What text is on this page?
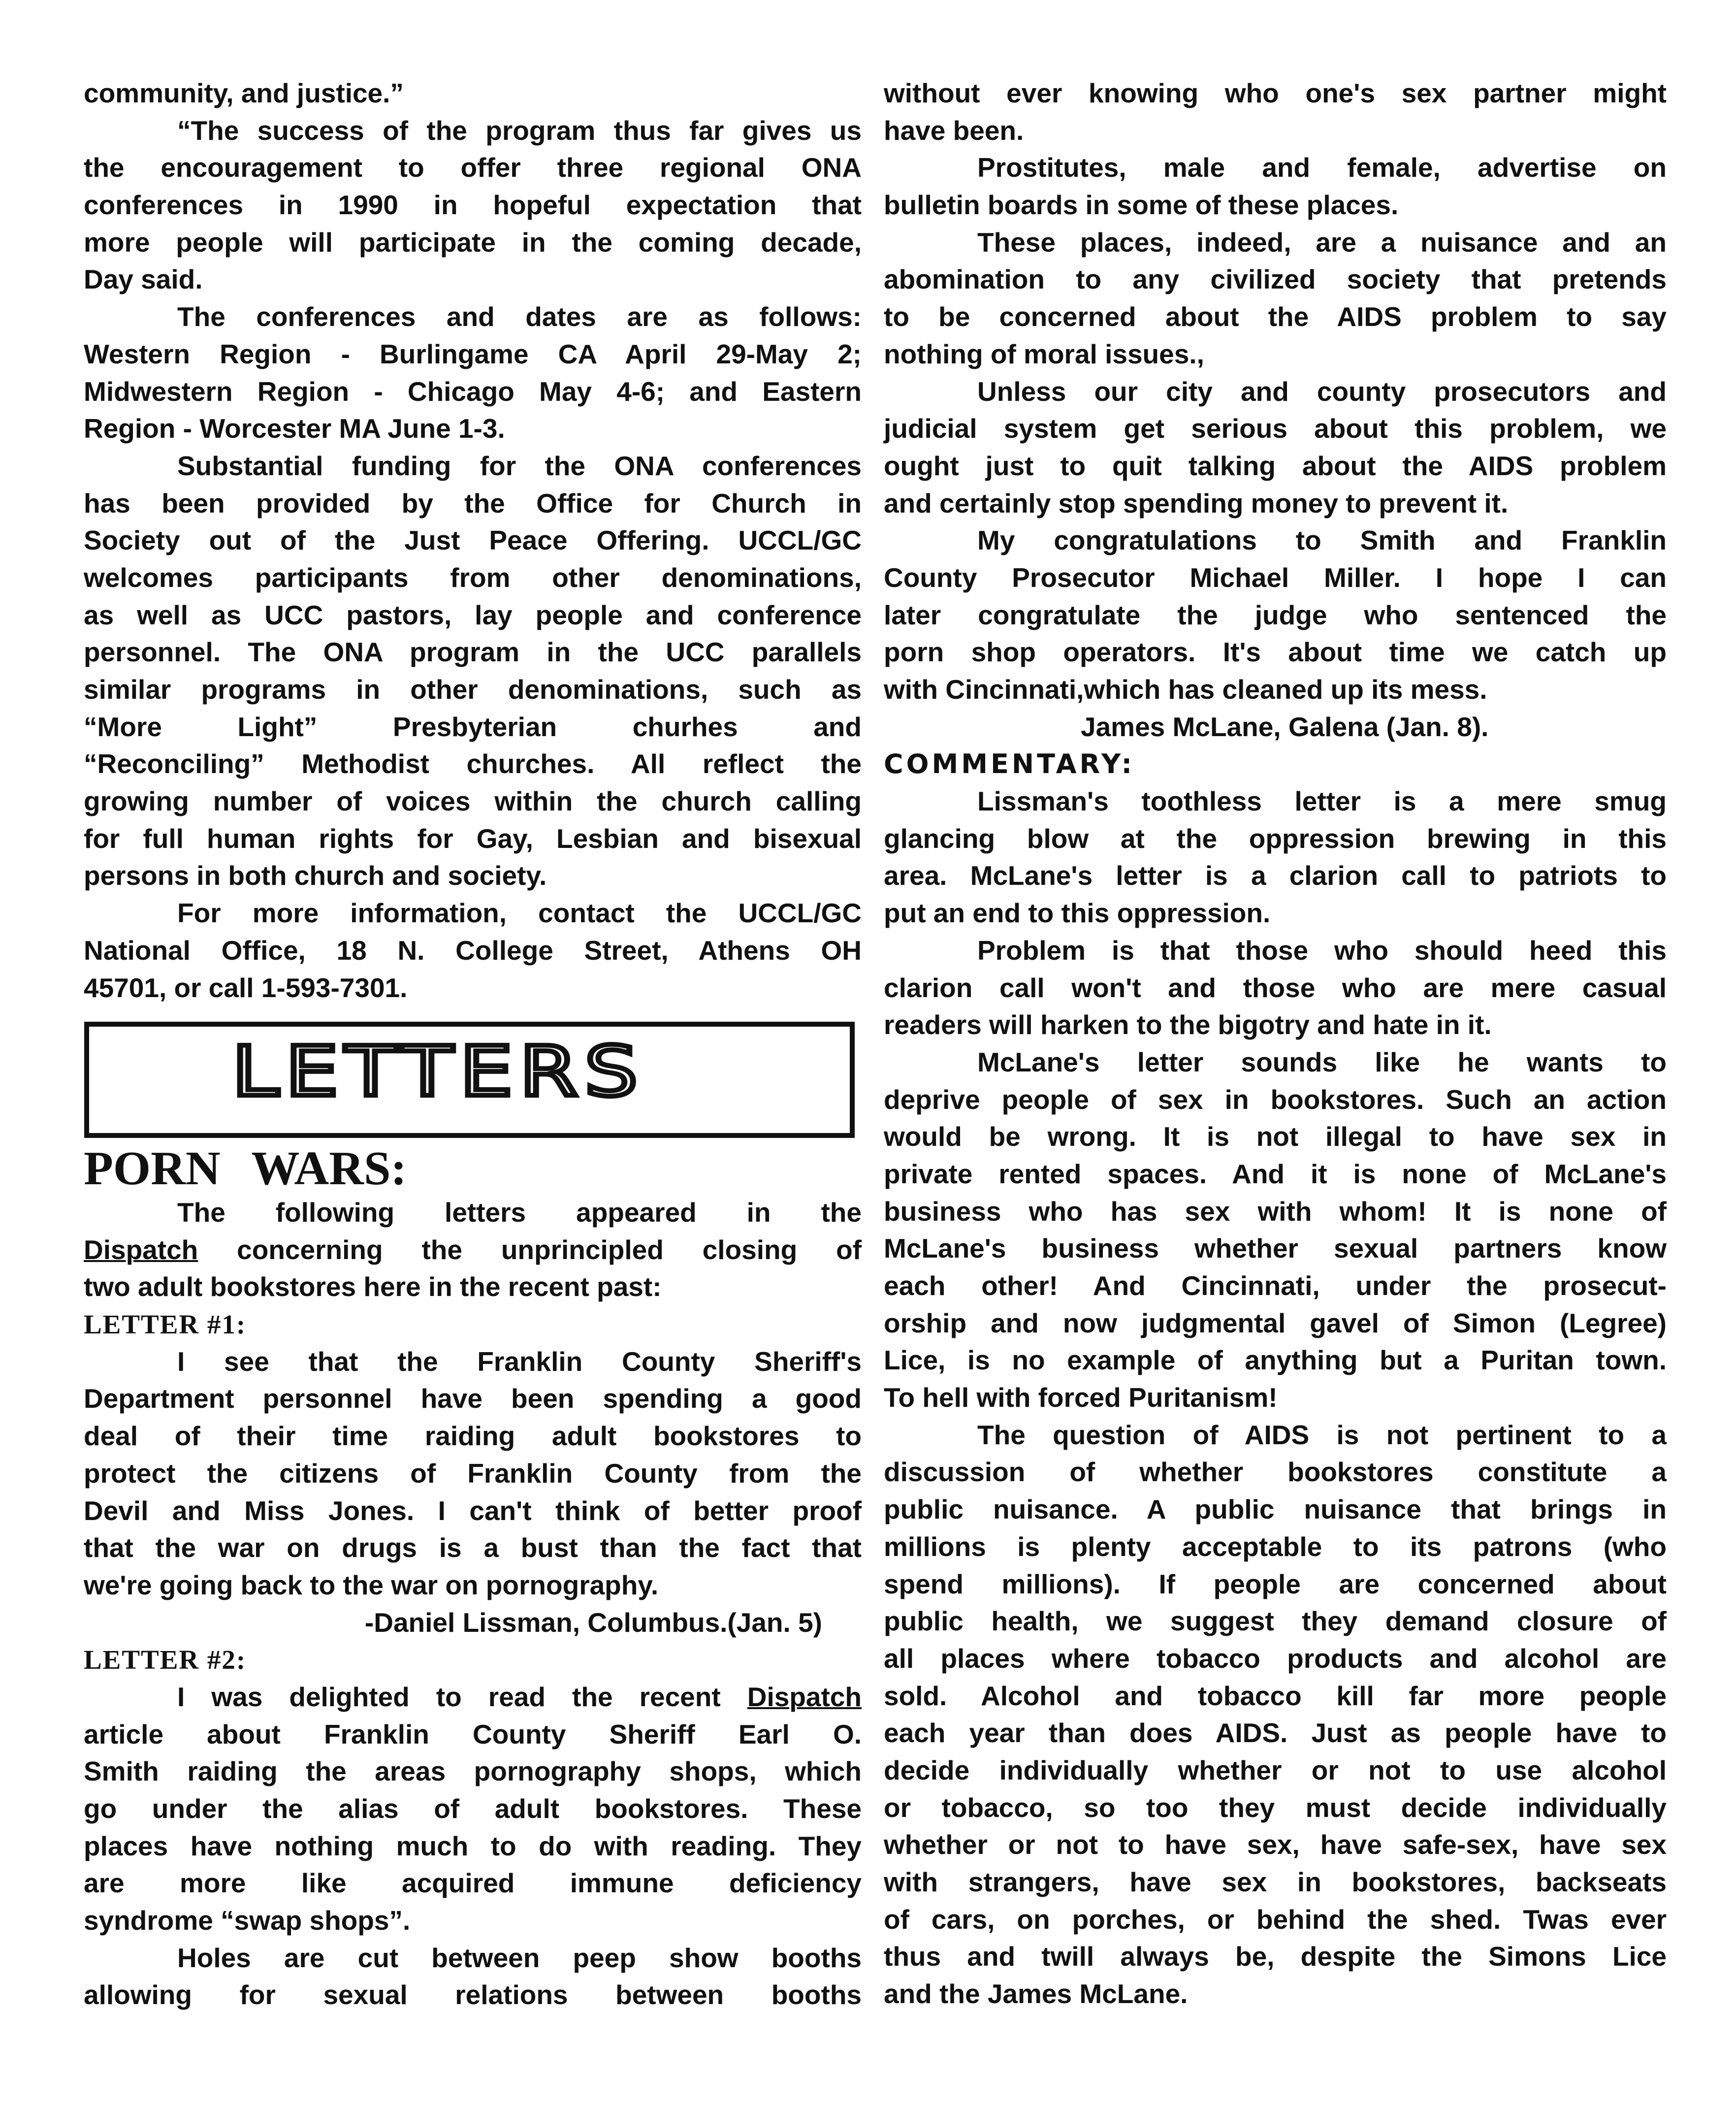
community, and justice.”
“The success of the program thus far gives us
the encouragement to offer three regional ONA
conferences in 1990 in hopeful expectation that
more people will participate in the coming decade,
Day said.
The conferences and dates are as follows:
Western Region - Burlingame CA April 29-May 2;
Midwestern Region - Chicago May 4-6; and Eastern
Region - Worcester MA June 1-3.
Substantial funding for the ONA conferences
has been provided by the Office for Church in
Society out of the Just Peace Offering. UCCL/GC
welcomes participants from other denominations,
as well as UCC pastors, lay people and conference
personnel. The ONA program in the UCC parallels
similar programs in other denominations, such as
“More Light” Presbyterian churhes and
“Reconciling” Methodist churches. All reflect the
growing number of voices within the church calling
for full human rights for Gay, Lesbian and bisexual
persons in both church and society.
For more information, contact the UCCL/GC
National Office, 18 N. College Street, Athens OH
45701, or call 1-593-7301.
LETTERS
PORN WARS:
The following letters appeared in the
Dispatch concerning the unprincipled closing of
two adult bookstores here in the recent past:
LETTER #1:
I see that the Franklin County Sheriff's
Department personnel have been spending a good
deal of their time raiding adult bookstores to
protect the citizens of Franklin County from the
Devil and Miss Jones. I can't think of better proof
that the war on drugs is a bust than the fact that
we're going back to the war on pornography.
-Daniel Lissman, Columbus.(Jan. 5)
LETTER #2:
I was delighted to read the recent Dispatch
article about Franklin County Sheriff Earl O.
Smith raiding the areas pornography shops, which
go under the alias of adult bookstores. These
places have nothing much to do with reading. They
are more like acquired immune deficiency
syndrome “swap shops”.
Holes are cut between peep show booths
allowing for sexual relations between booths
without ever knowing who one's sex partner might
have been.
Prostitutes, male and female, advertise on
bulletin boards in some of these places.
These places, indeed, are a nuisance and an
abomination to any civilized society that pretends
to be concerned about the AIDS problem to say
nothing of moral issues.,
Unless our city and county prosecutors and
judicial system get serious about this problem, we
ought just to quit talking about the AIDS problem
and certainly stop spending money to prevent it.
My congratulations to Smith and Franklin
County Prosecutor Michael Miller. I hope I can
later congratulate the judge who sentenced the
porn shop operators. It's about time we catch up
with Cincinnati,which has cleaned up its mess.
James McLane, Galena (Jan. 8).
COMMENTARY:
Lissman's toothless letter is a mere smug
glancing blow at the oppression brewing in this
area. McLane's letter is a clarion call to patriots to
put an end to this oppression.
Problem is that those who should heed this
clarion call won't and those who are mere casual
readers will harken to the bigotry and hate in it.
McLane's letter sounds like he wants to
deprive people of sex in bookstores. Such an action
would be wrong. It is not illegal to have sex in
private rented spaces. And it is none of McLane's
business who has sex with whom! It is none of
McLane's business whether sexual partners know
each other! And Cincinnati, under the prosecut-
orship and now judgmental gavel of Simon (Legree)
Lice, is no example of anything but a Puritan town.
To hell with forced Puritanism!
The question of AIDS is not pertinent to a
discussion of whether bookstores constitute a
public nuisance. A public nuisance that brings in
millions is plenty acceptable to its patrons (who
spend millions). If people are concerned about
public health, we suggest they demand closure of
all places where tobacco products and alcohol are
sold. Alcohol and tobacco kill far more people
each year than does AIDS. Just as people have to
decide individually whether or not to use alcohol
or tobacco, so too they must decide individually
whether or not to have sex, have safe-sex, have sex
with strangers, have sex in bookstores, backseats
of cars, on porches, or behind the shed. Twas ever
thus and twill always be, despite the Simons Lice
and the James McLane.
